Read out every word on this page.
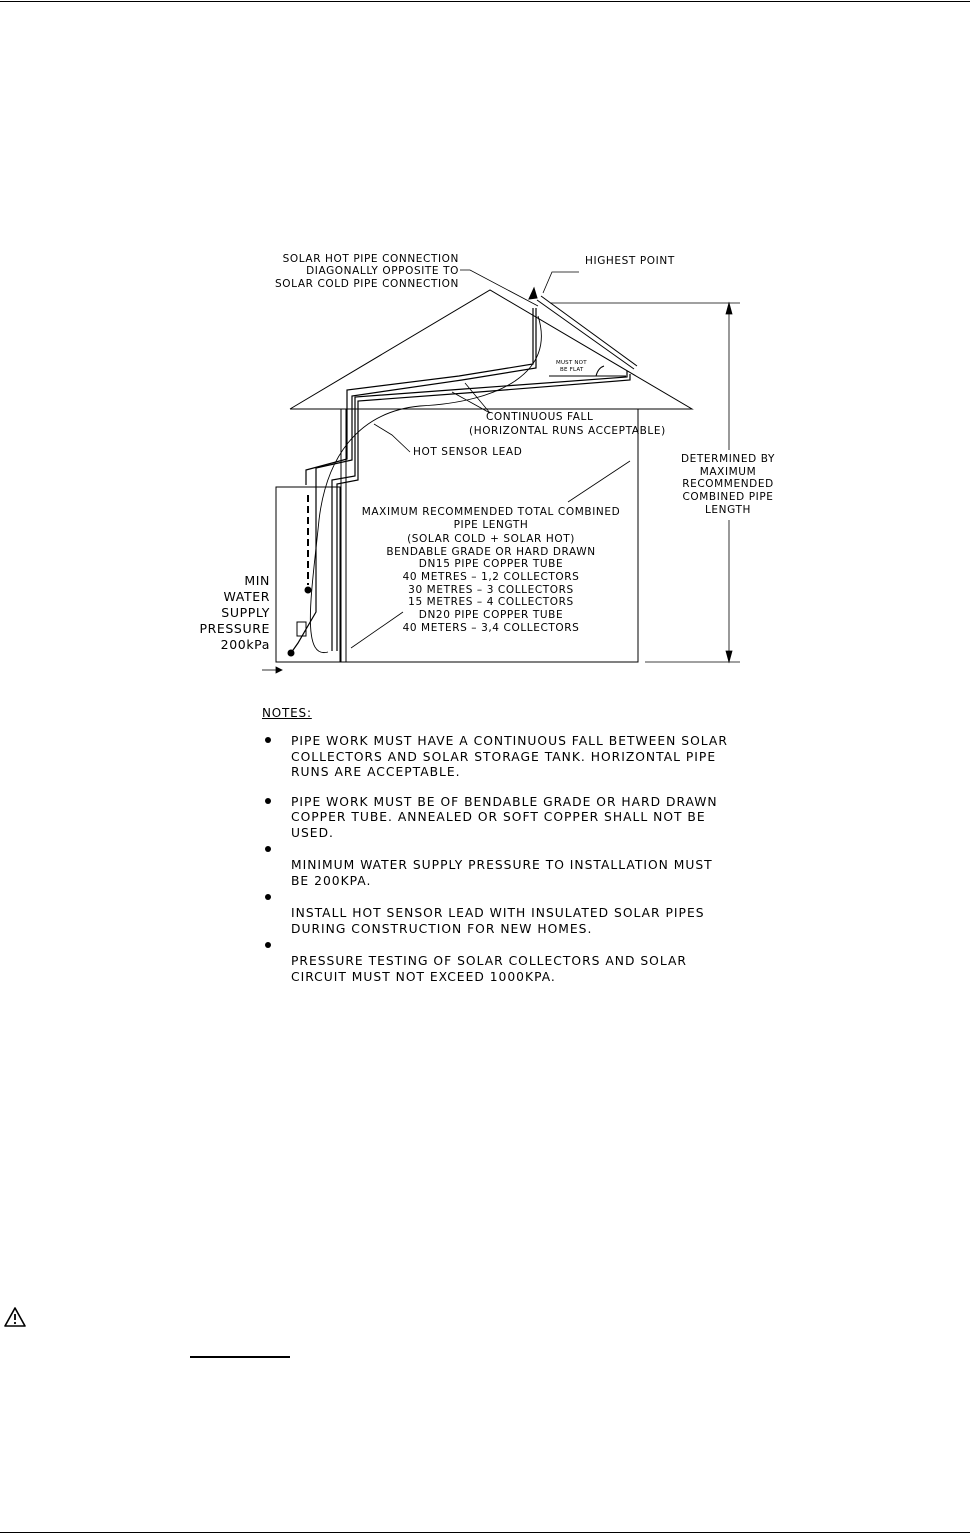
SOLAR HOT PIPE CONNECTION
DIAGONALLY OPPOSITE TO
SOLAR COLD PIPE CONNECTION
HIGHEST POINT
MUST NOT
BE FLAT
CONTINUOUS FALL
(HORIZONTAL RUNS ACCEPTABLE)
HOT SENSOR LEAD
DETERMINED BY
MAXIMUM
RECOMMENDED
COMBINED PIPE
LENGTH
MIN
WATER
SUPPLY
PRESSURE
200kPa
MAXIMUM RECOMMENDED TOTAL COMBINED
PIPE LENGTH
(SOLAR COLD + SOLAR HOT)
BENDABLE GRADE OR HARD DRAWN
DN15 PIPE COPPER TUBE
40 METRES – 1,2 COLLECTORS
30 METRES – 3 COLLECTORS
15 METRES – 4 COLLECTORS
DN20 PIPE COPPER TUBE
40 METERS – 3,4 COLLECTORS
NOTES:
PIPE WORK MUST HAVE A CONTINUOUS FALL BETWEEN SOLAR
COLLECTORS AND SOLAR STORAGE TANK. HORIZONTAL PIPE
RUNS ARE ACCEPTABLE.
PIPE WORK MUST BE OF BENDABLE GRADE OR HARD DRAWN
COPPER TUBE. ANNEALED OR SOFT COPPER SHALL NOT BE
USED.
MINIMUM WATER SUPPLY PRESSURE TO INSTALLATION MUST
BE 200KPA.
INSTALL HOT SENSOR LEAD WITH INSULATED SOLAR PIPES
DURING CONSTRUCTION FOR NEW HOMES.
PRESSURE TESTING OF SOLAR COLLECTORS AND SOLAR
CIRCUIT MUST NOT EXCEED 1000KPA.
